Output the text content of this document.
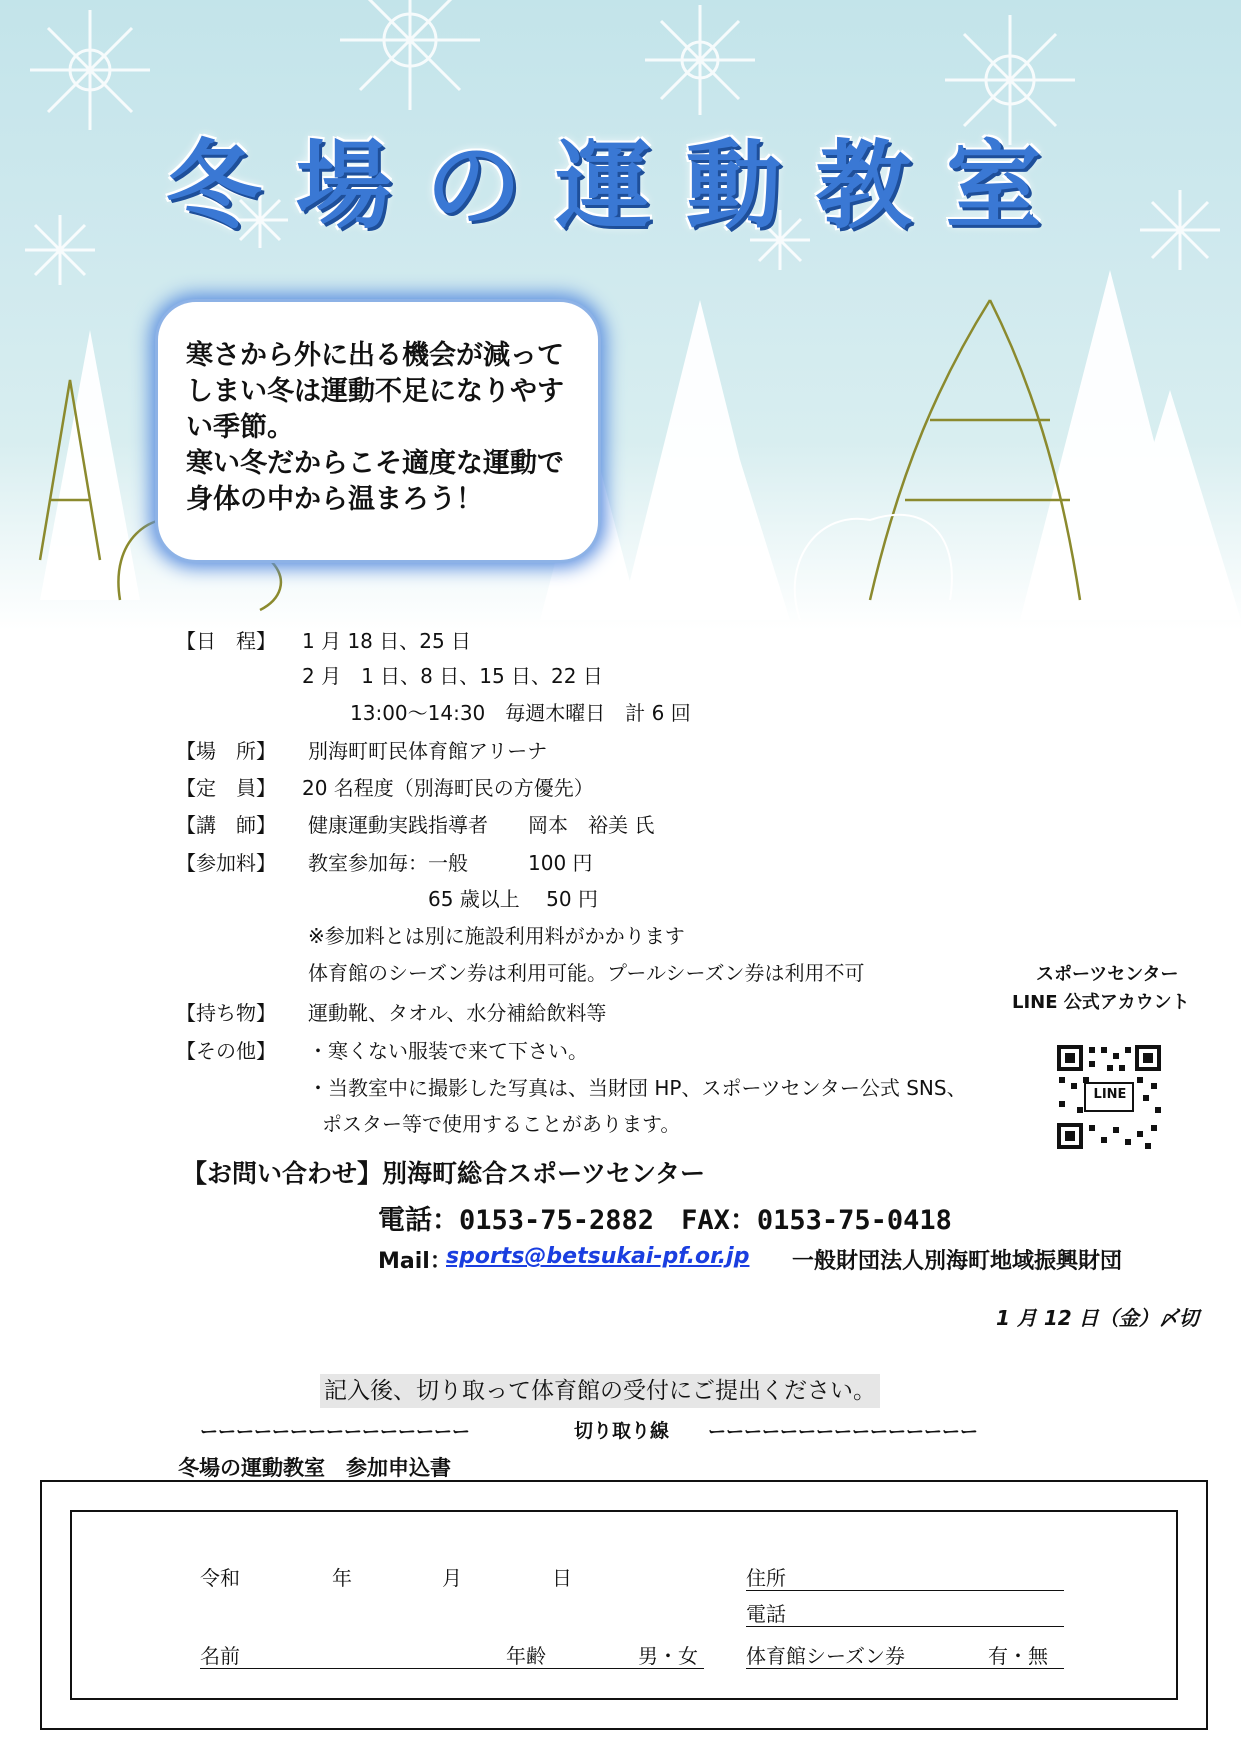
冬場の運動教室
寒さから外に出る機会が減って
しまい冬は運動不足になりやす
い季節。
寒い冬だからこそ適度な運動で
身体の中から温まろう！
【日　程】 1 月 18 日、25 日
2 月　1 日、8 日、15 日、22 日
13:00～14:30　毎週木曜日　計 6 回
【場　所】 別海町町民体育館アリーナ
【定　員】 20 名程度（別海町民の方優先）
【講　師】 健康運動実践指導者　　岡本　裕美 氏
【参加料】 教室参加毎：一般　　　100 円
65 歳以上　 50 円
※参加料とは別に施設利用料がかかります
体育館のシーズン券は利用可能。プールシーズン券は利用不可
【持ち物】 運動靴、タオル、水分補給飲料等
【その他】 ・寒くない服装で来て下さい。
・当教室中に撮影した写真は、当財団 HP、スポーツセンター公式 SNS、
ポスター等で使用することがあります。
スポーツセンター
LINE 公式アカウント
LINE
【お問い合わせ】別海町総合スポーツセンター
電話：0153-75-2882　FAX：0153-75-0418
Mail：
sports@betsukai-pf.or.jp 一般財団法人別海町地域振興財団
1 月 12 日（金）〆切
記入後、切り取って体育館の受付にご提出ください。
ーーーーーーーーーーーーーーー	切り取り線 ーーーーーーーーーーーーーーー
冬場の運動教室　参加申込書
令和	年	月	日	住所
電話
名前	年齢	男・女 体育館シーズン券	有・無
